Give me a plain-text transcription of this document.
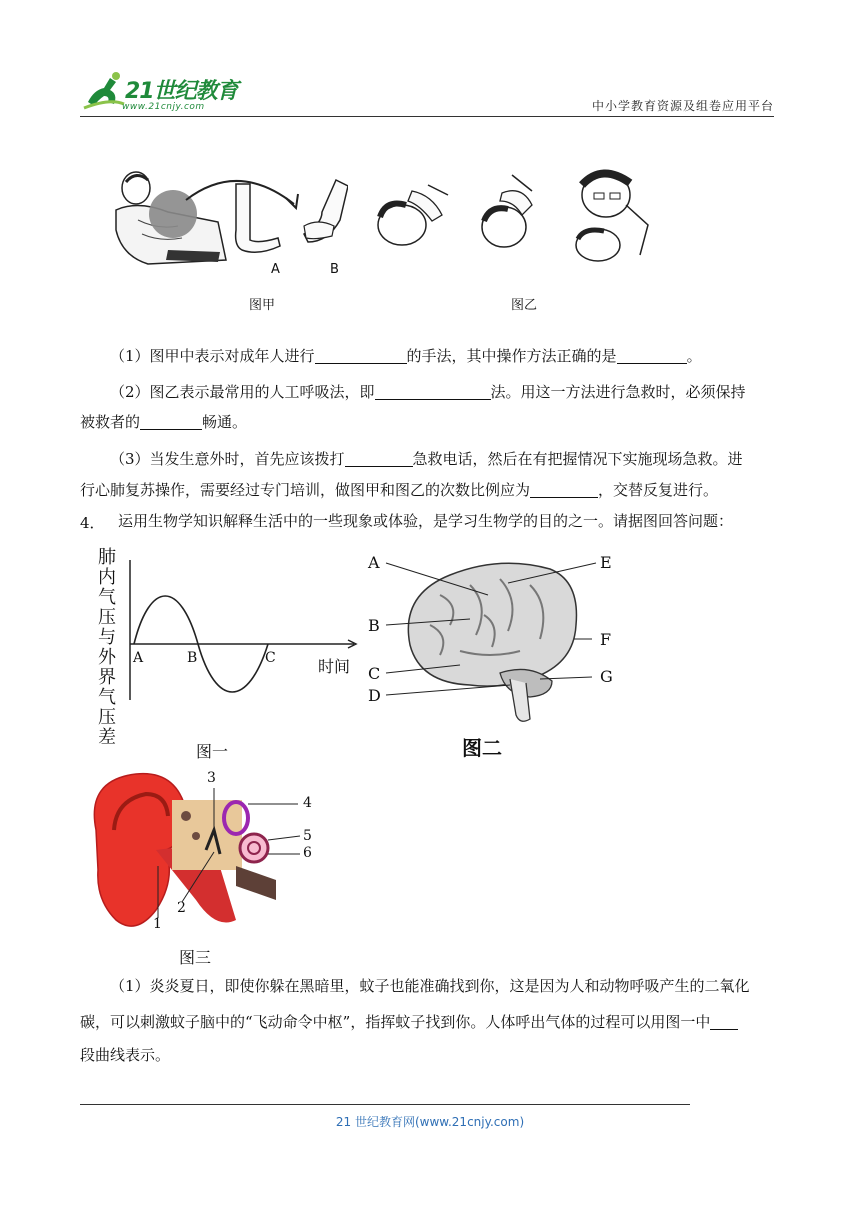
21世纪教育
www.21cnjy.com	中小学教育资源及组卷应用平台
A	B
图甲	图乙
（1）图甲中表示对成年人进行	的手法，其中操作方法正确的是	。
（2）图乙表示最常用的人工呼吸法，即	法。用这一方法进行急救时，必须保持
被救者的	畅通。
（3）当发生意外时，首先应该拨打	急救电话，然后在有把握情况下实施现场急救。进
行心肺复苏操作，需要经过专门培训，做图甲和图乙的次数比例应为	，交替反复进行。
4． 运用生物学知识解释生活中的一些现象或体验，是学习生物学的目的之一。请据图回答问题：
肺
内
气
压
与
外
界
气
压
差
A	B	C	时间
图一
A
B
C
D
E
F
G
图二
1
2
3
4
5
6
图三
（1）炎炎夏日，即使你躲在黑暗里，蚊子也能准确找到你，这是因为人和动物呼吸产生的二氧化
碳，可以刺激蚊子脑中的“飞动命令中枢”，指挥蚊子找到你。人体呼出气体的过程可以用图一中
段曲线表示。
21 世纪教育网(www.21cnjy.com)
